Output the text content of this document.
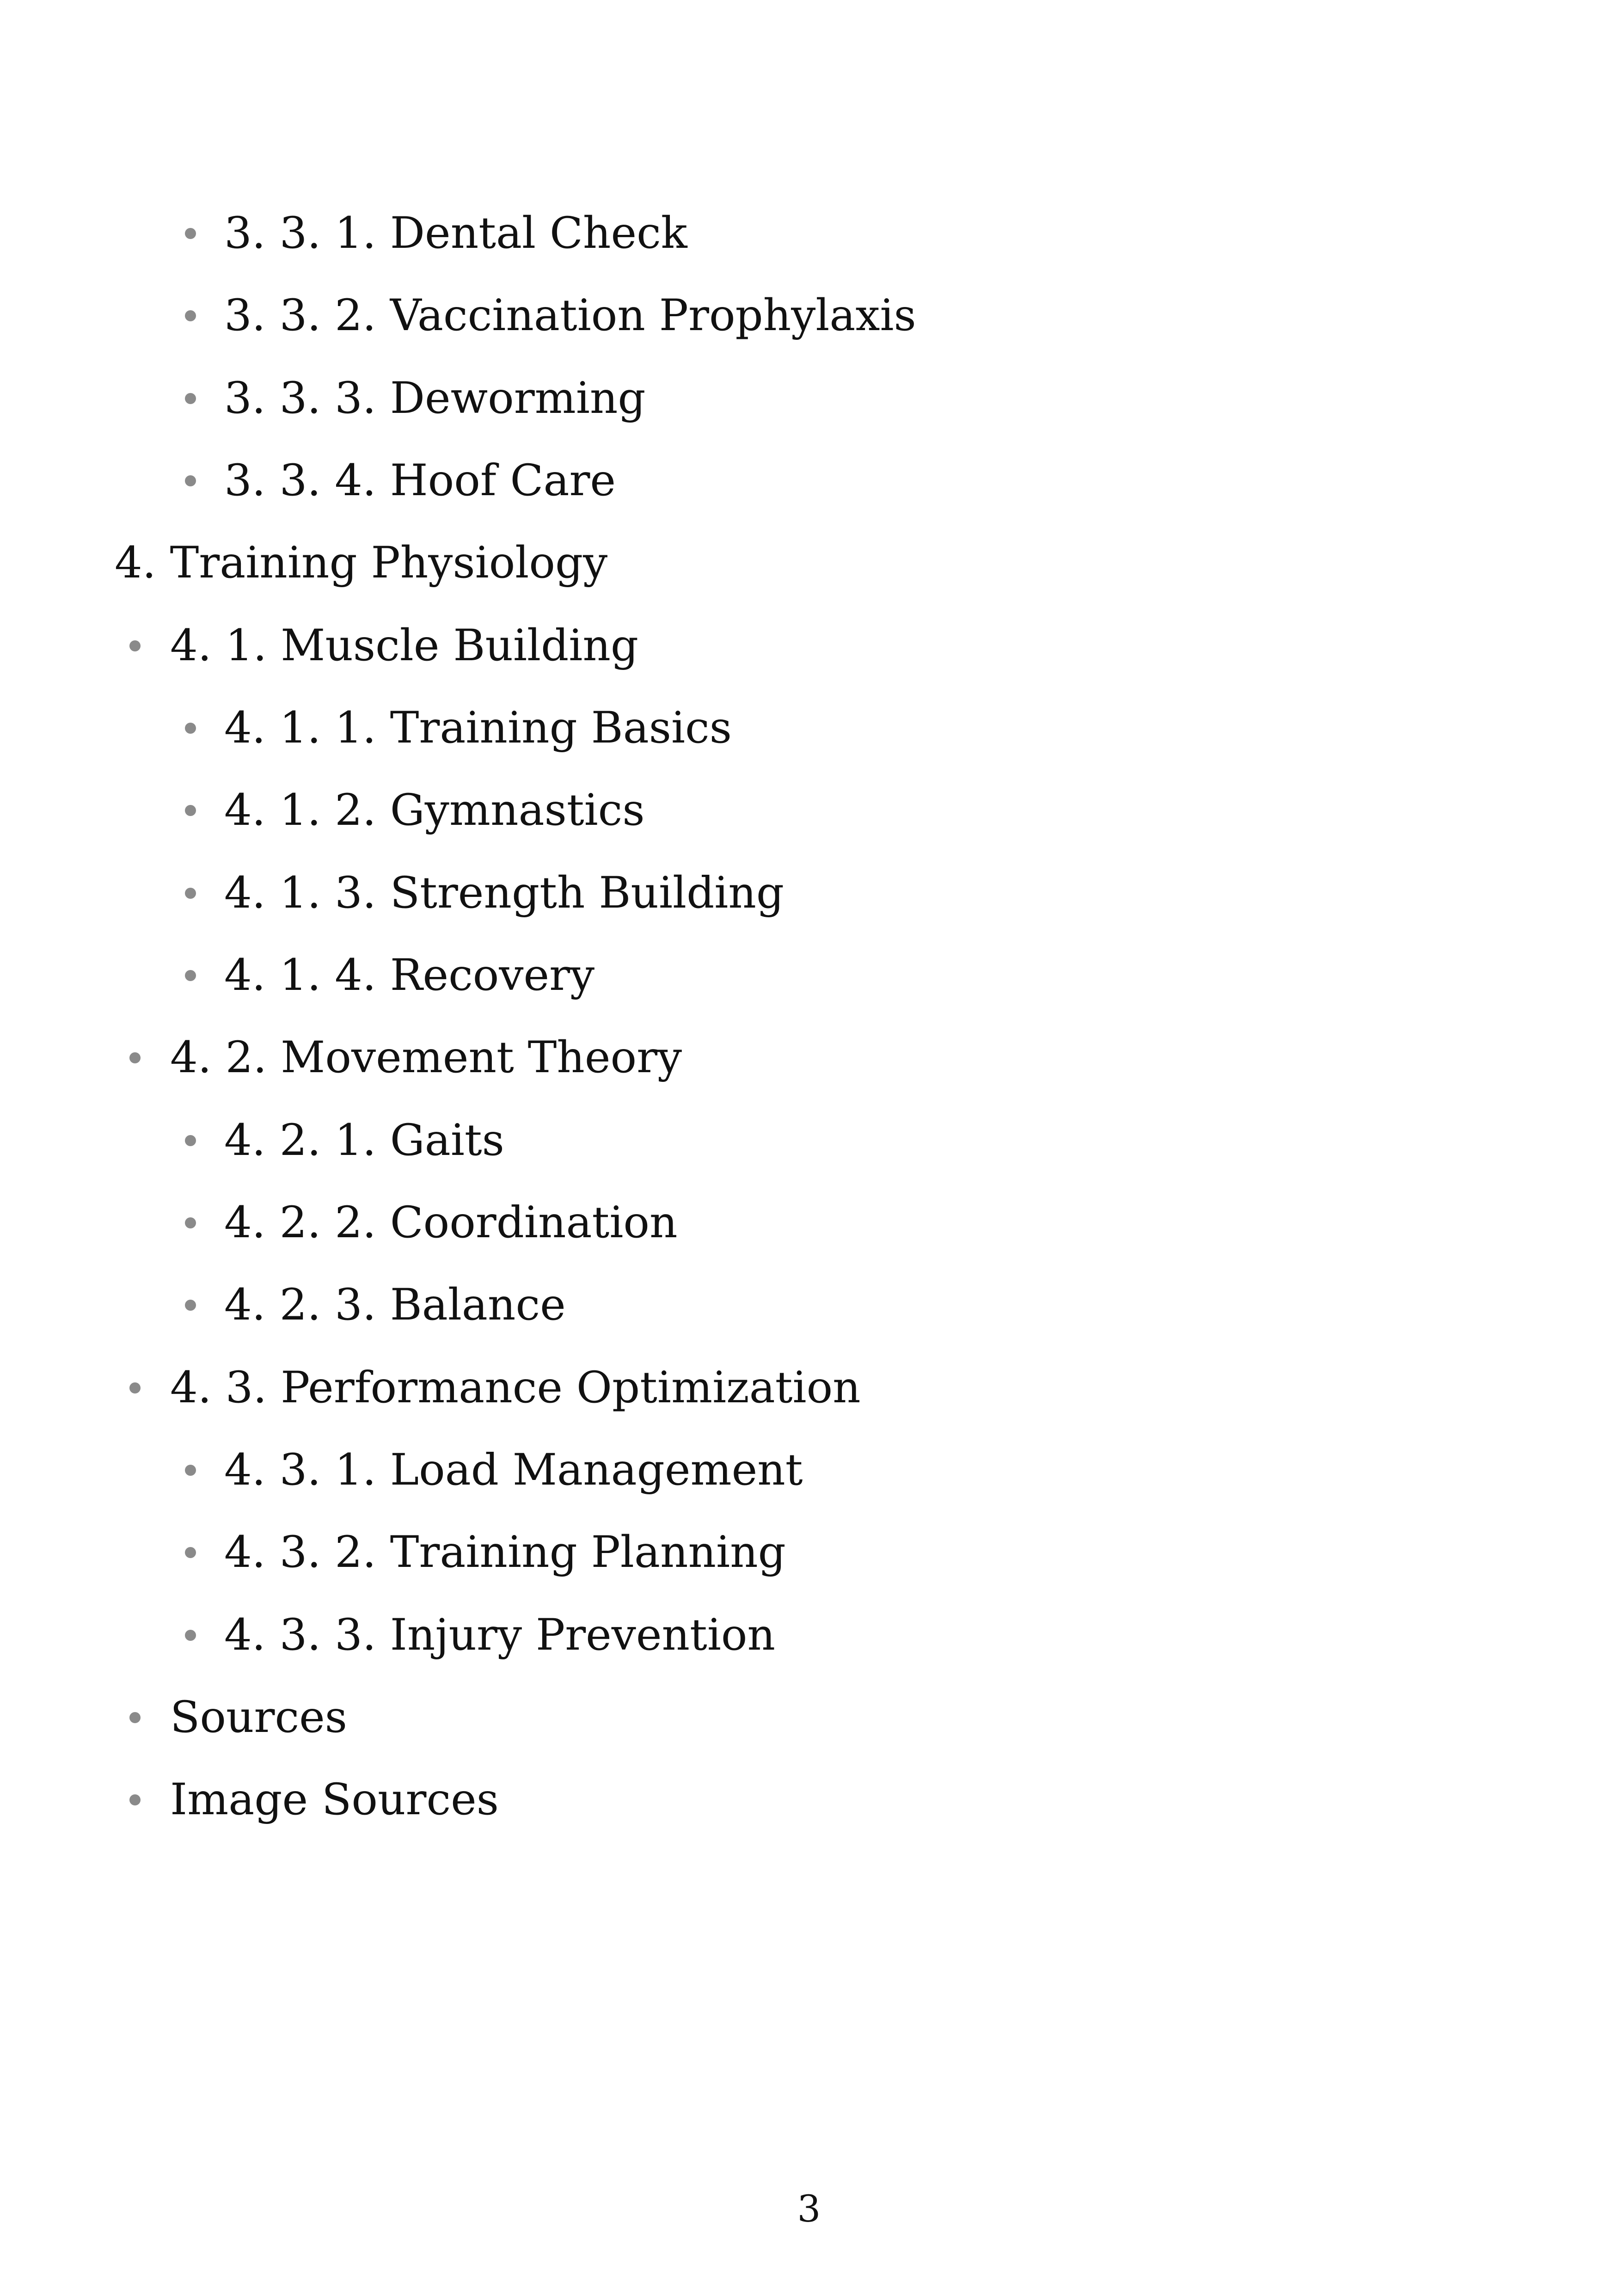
3. 3. 1. Dental Check
3. 3. 2. Vaccination Prophylaxis
3. 3. 3. Deworming
3. 3. 4. Hoof Care
4. Training Physiology
4. 1. Muscle Building
4. 1. 1. Training Basics
4. 1. 2. Gymnastics
4. 1. 3. Strength Building
4. 1. 4. Recovery
4. 2. Movement Theory
4. 2. 1. Gaits
4. 2. 2. Coordination
4. 2. 3. Balance
4. 3. Performance Optimization
4. 3. 1. Load Management
4. 3. 2. Training Planning
4. 3. 3. Injury Prevention
Sources
Image Sources
3
